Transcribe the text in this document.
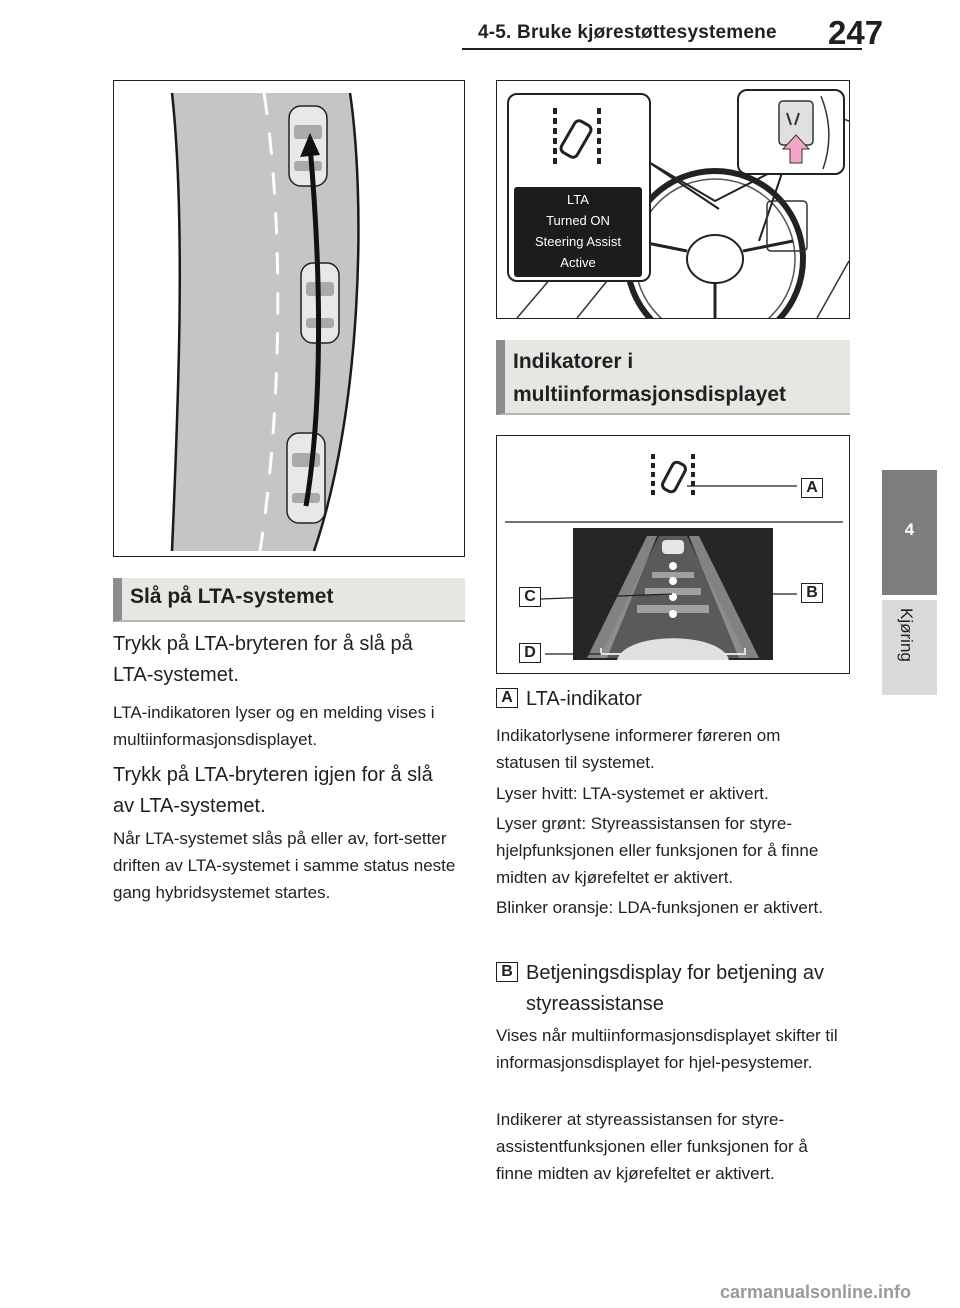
4-5. Bruke kjørestøttesystemene 247
4
Kjøring
Slå på LTA-systemet
Trykk på LTA-bryteren for å slå på LTA-systemet.
LTA-indikatoren lyser og en melding vises i multiinformasjonsdisplayet.
Trykk på LTA-bryteren igjen for å slå av LTA-systemet.
Når LTA-systemet slås på eller av, fort-setter driften av LTA-systemet i samme status neste gang hybridsystemet startes.
LTA
Turned ON
Steering Assist
Active
Indikatorer i multiinformasjonsdisplayet
A
B
C
D
A LTA-indikator
Indikatorlysene informerer føreren om statusen til systemet.
Lyser hvitt: LTA-systemet er aktivert.
Lyser grønt: Styreassistansen for styre-hjelpfunksjonen eller funksjonen for å finne midten av kjørefeltet er aktivert.
Blinker oransje: LDA-funksjonen er aktivert.
B Betjeningsdisplay for betjening av styreassistanse
Vises når multiinformasjonsdisplayet skifter til informasjonsdisplayet for hjel-pesystemer.
Indikerer at styreassistansen for styre-assistentfunksjonen eller funksjonen for å finne midten av kjørefeltet er aktivert.
carmanualsonline.info
